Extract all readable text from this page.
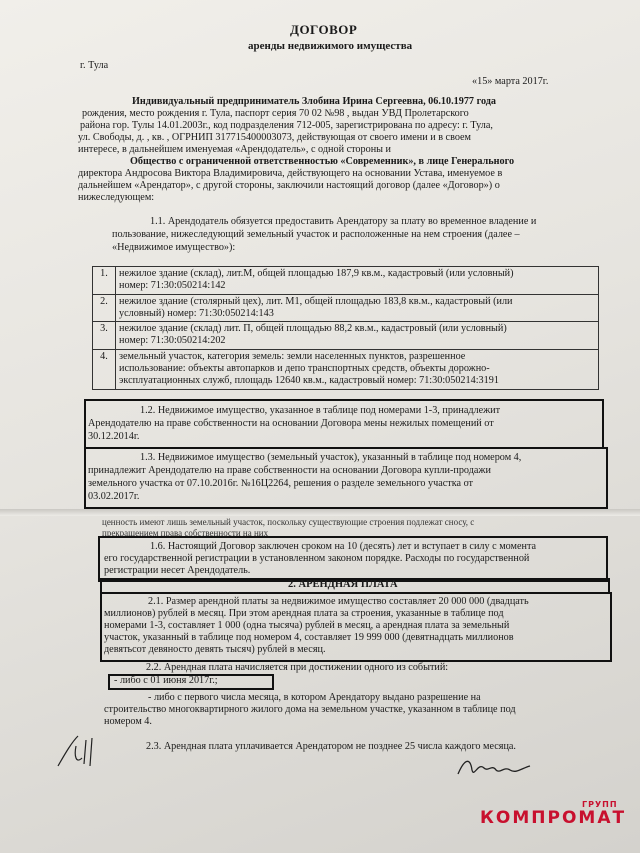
ДОГОВОР
аренды недвижимого имущества
г. Тула
«15» марта 2017г.
Индивидуальный предприниматель Злобина Ирина Сергеевна, 06.10.1977 года
рождения, место рождения г. Тула, паспорт серия 70 02 №98 , выдан УВД Пролетарского
района гор. Тулы 14.01.2003г., код подразделения 712-005, зарегистрирована по адресу: г. Тула,
ул. Свободы, д. , кв. , ОГРНИП 317715400003073, действующая от своего имени и в своем
интересе, в дальнейшем именуемая «Арендодатель», с одной стороны и
Общество с ограниченной ответственностью «Современник», в лице Генерального
директора Андросова Виктора Владимировича, действующего на основании Устава, именуемое в
дальнейшем «Арендатор», с другой стороны, заключили настоящий договор (далее «Договор») о
нижеследующем:
1.1. Арендодатель обязуется предоставить Арендатору за плату во временное владение и
пользование, нижеследующий земельный участок и расположенные на нем строения (далее –
«Недвижимое имущество»):
1.	нежилое здание (склад), лит.М, общей площадью 187,9 кв.м., кадастровый (или условный)
номер: 71:30:050214:142
2.	нежилое здание (столярный цех), лит. М1, общей площадью 183,8 кв.м., кадастровый (или
условный) номер: 71:30:050214:143
3.	нежилое здание (склад) лит. П, общей площадью 88,2 кв.м., кадастровый (или условный)
номер: 71:30:050214:202
4.	земельный участок, категория земель: земли населенных пунктов, разрешенное
использование: объекты автопарков и депо транспортных средств, объекты дорожно-
эксплуатационных служб, площадь 12640 кв.м., кадастровый номер: 71:30:050214:3191
1.2. Недвижимое имущество, указанное в таблице под номерами 1-3, принадлежит
Арендодателю на праве собственности на основании Договора мены нежилых помещений от
30.12.2014г.
1.3. Недвижимое имущество (земельный участок), указанный в таблице под номером 4,
принадлежит Арендодателю на праве собственности на основании Договора купли-продажи
земельного участка от 07.10.2016г. №16Ц2264, решения о разделе земельного участка от
03.02.2017г.
ценность имеют лишь земельный участок, поскольку существующие строения подлежат сносу, с
прекращением права собственности на них
1.6. Настоящий Договор заключен сроком на 10 (десять) лет и вступает в силу с момента
его государственной регистрации в установленном законом порядке. Расходы по государственной
регистрации несет Арендодатель.
2. АРЕНДНАЯ ПЛАТА
2.1. Размер арендной платы за недвижимое имущество составляет 20 000 000 (двадцать
миллионов) рублей в месяц. При этом арендная плата за строения, указанные в таблице под
номерами 1-3, составляет 1 000 (одна тысяча) рублей в месяц, а арендная плата за земельный
участок, указанный в таблице под номером 4, составляет 19 999 000 (девятнадцать миллионов
девятьсот девяносто девять тысяч) рублей в месяц.
2.2. Арендная плата начисляется при достижении одного из событий:
- либо с 01 июня 2017г.;
- либо с первого числа месяца, в котором Арендатору выдано разрешение на
строительство многоквартирного жилого дома на земельном участке, указанном в таблице под
номером 4.
2.3. Арендная плата уплачивается Арендатором не позднее 25 числа каждого месяца.
КОМПРОМАТ
ГРУПП
